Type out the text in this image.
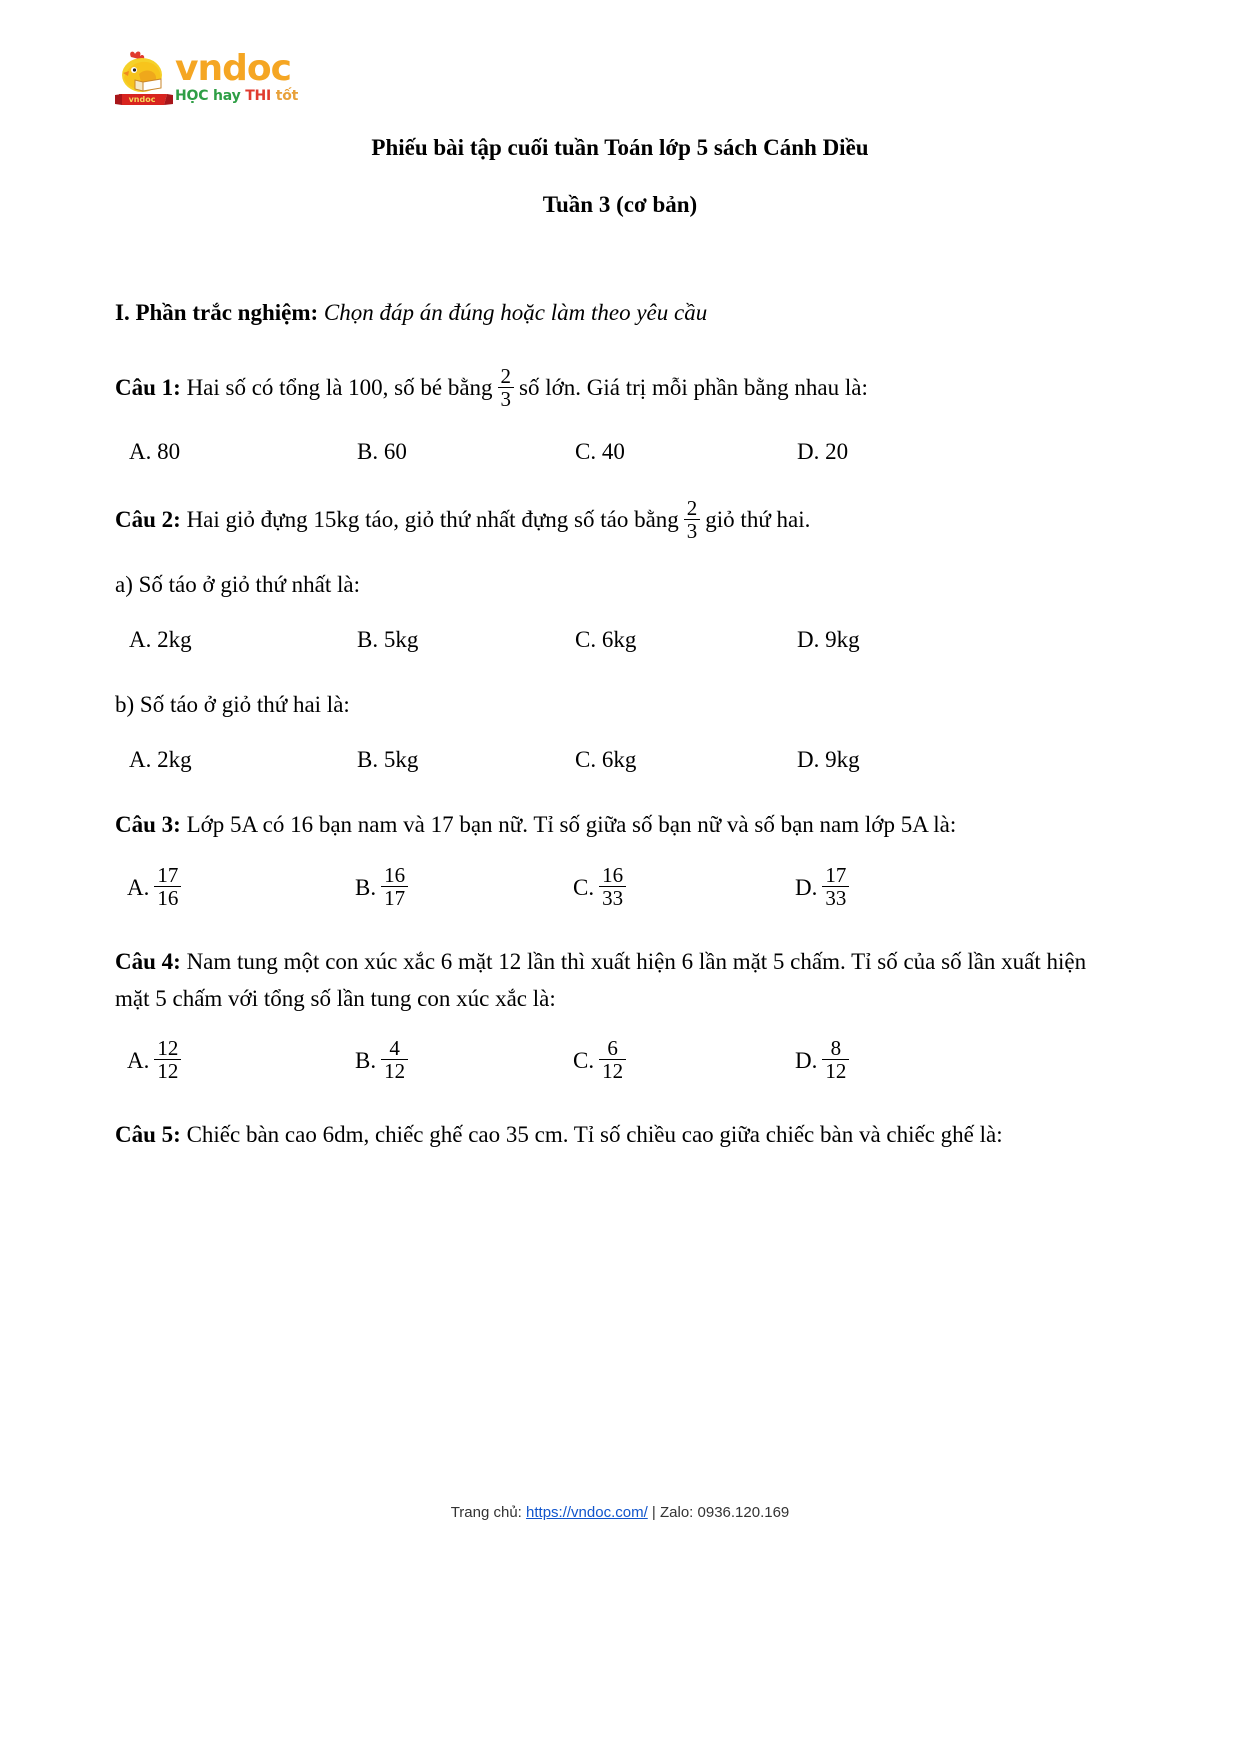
vndoc
vndoc
HỌC hay THI tốt
Phiếu bài tập cuối tuần Toán lớp 5 sách Cánh Diều
Tuần 3 (cơ bản)
I. Phần trắc nghiệm: Chọn đáp án đúng hoặc làm theo yêu cầu
Câu 1: Hai số có tổng là 100, số bé bằng $\frac{2}{3}$ số lớn. Giá trị mỗi phần bằng nhau là:
A. 80	B. 60	C. 40	D. 20
Câu 2: Hai giỏ đựng 15kg táo, giỏ thứ nhất đựng số táo bằng $\frac{2}{3}$ giỏ thứ hai.
a) Số táo ở giỏ thứ nhất là:
A. 2kg	B. 5kg	C. 6kg	D. 9kg
b) Số táo ở giỏ thứ hai là:
A. 2kg	B. 5kg	C. 6kg	D. 9kg
Câu 3: Lớp 5A có 16 bạn nam và 17 bạn nữ. Tỉ số giữa số bạn nữ và số bạn nam lớp 5A là:
A. $\frac{17}{16}$	B. $\frac{16}{17}$	C. $\frac{16}{33}$	D. $\frac{17}{33}$
Câu 4: Nam tung một con xúc xắc 6 mặt 12 lần thì xuất hiện 6 lần mặt 5 chấm. Tỉ số của số lần xuất hiện mặt 5 chấm với tổng số lần tung con xúc xắc là:
A. $\frac{12}{12}$	B. $\frac{4}{12}$	C. $\frac{6}{12}$	D. $\frac{8}{12}$
Câu 5: Chiếc bàn cao 6dm, chiếc ghế cao 35 cm. Tỉ số chiều cao giữa chiếc bàn và chiếc ghế là:
Trang chủ: https://vndoc.com/ | Zalo: 0936.120.169
